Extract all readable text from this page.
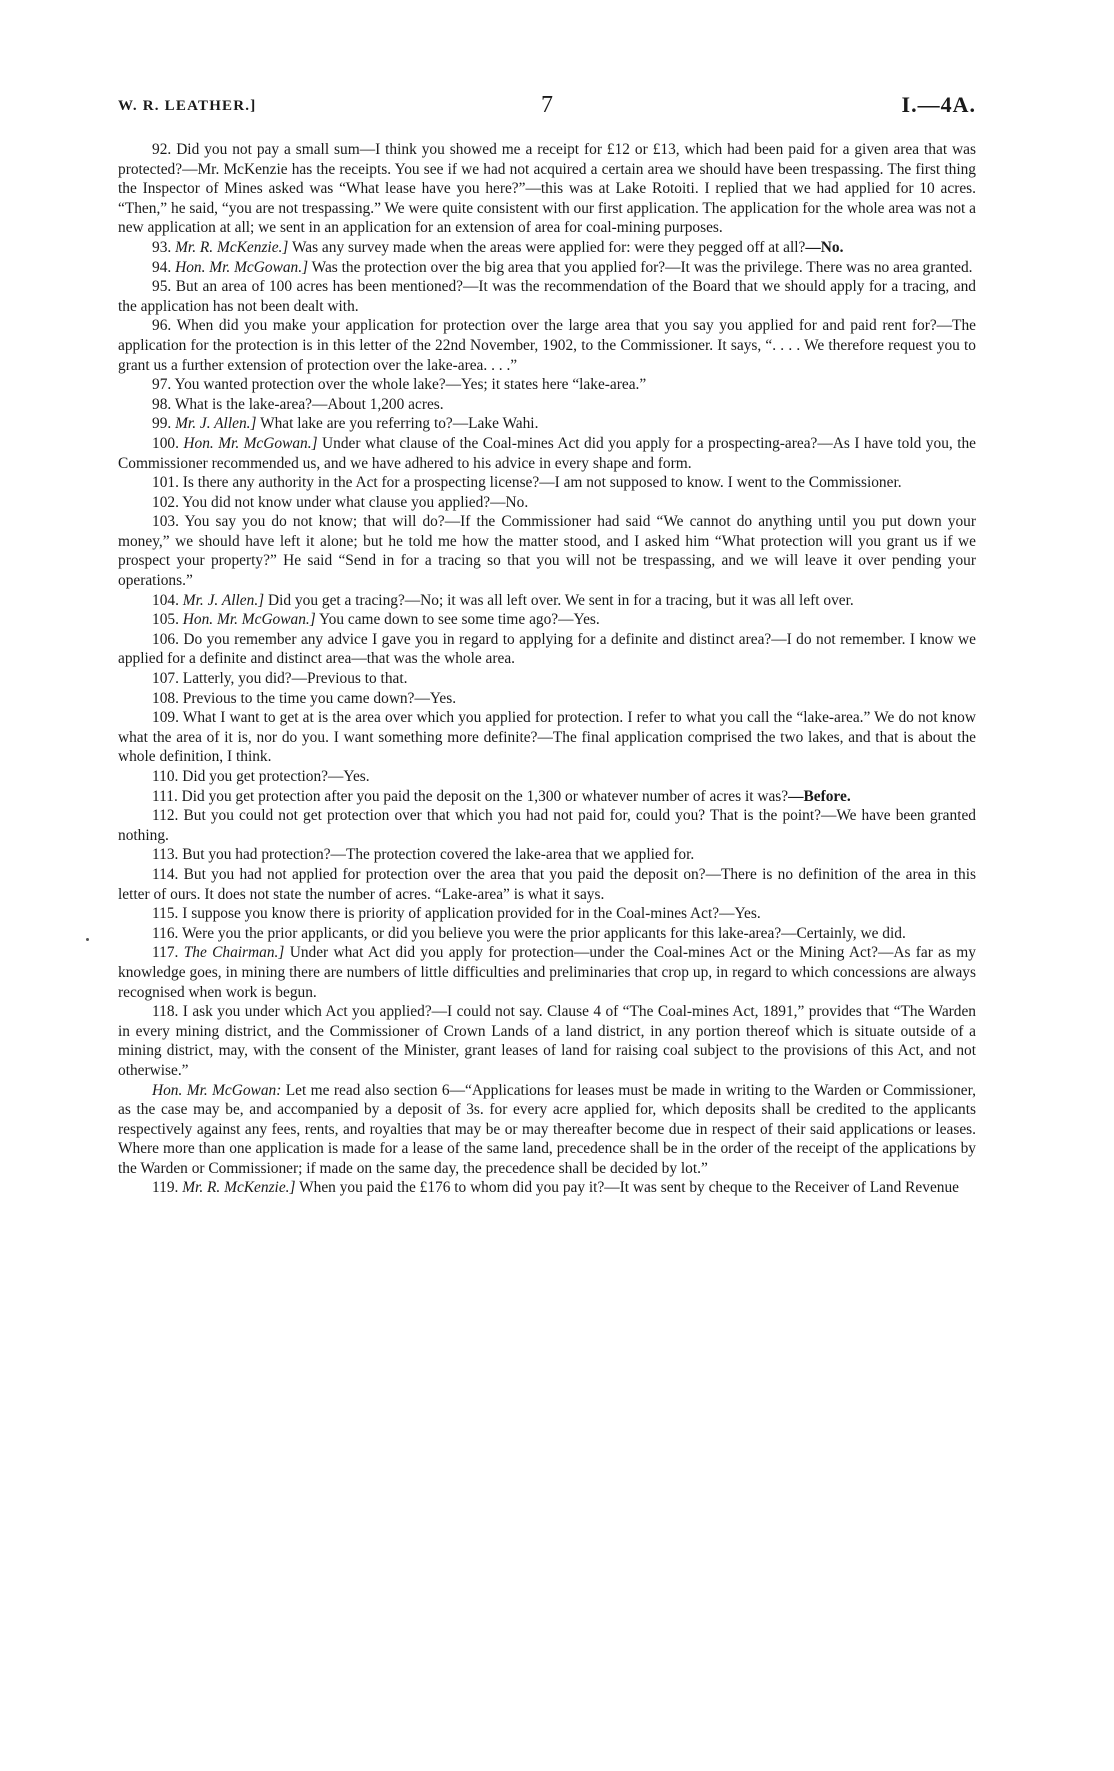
W. R. LEATHER.]	7	I.—4A.

92. Did you not pay a small sum—I think you showed me a receipt for £12 or £13, which had been paid for a given area that was protected?—Mr. McKenzie has the receipts. You see if we had not acquired a certain area we should have been trespassing. The first thing the Inspector of Mines asked was “What lease have you here?”—this was at Lake Rotoiti. I replied that we had applied for 10 acres. “Then,” he said, “you are not trespassing.” We were quite consistent with our first application. The application for the whole area was not a new application at all; we sent in an application for an extension of area for coal-mining purposes.

93. Mr. R. McKenzie.] Was any survey made when the areas were applied for: were they pegged off at all?—No.

94. Hon. Mr. McGowan.] Was the protection over the big area that you applied for?—It was the privilege. There was no area granted.

95. But an area of 100 acres has been mentioned?—It was the recommendation of the Board that we should apply for a tracing, and the application has not been dealt with.

96. When did you make your application for protection over the large area that you say you applied for and paid rent for?—The application for the protection is in this letter of the 22nd November, 1902, to the Commissioner. It says, “. . . . We therefore request you to grant us a further extension of protection over the lake-area. . . .”

97. You wanted protection over the whole lake?—Yes; it states here “lake-area.”

98. What is the lake-area?—About 1,200 acres.

99. Mr. J. Allen.] What lake are you referring to?—Lake Wahi.

100. Hon. Mr. McGowan.] Under what clause of the Coal-mines Act did you apply for a prospecting-area?—As I have told you, the Commissioner recommended us, and we have adhered to his advice in every shape and form.

101. Is there any authority in the Act for a prospecting license?—I am not supposed to know. I went to the Commissioner.

102. You did not know under what clause you applied?—No.

103. You say you do not know; that will do?—If the Commissioner had said “We cannot do anything until you put down your money,” we should have left it alone; but he told me how the matter stood, and I asked him “What protection will you grant us if we prospect your property?” He said “Send in for a tracing so that you will not be trespassing, and we will leave it over pending your operations.”

104. Mr. J. Allen.] Did you get a tracing?—No; it was all left over. We sent in for a tracing, but it was all left over.

105. Hon. Mr. McGowan.] You came down to see some time ago?—Yes.

106. Do you remember any advice I gave you in regard to applying for a definite and distinct area?—I do not remember. I know we applied for a definite and distinct area—that was the whole area.

107. Latterly, you did?—Previous to that.

108. Previous to the time you came down?—Yes.

109. What I want to get at is the area over which you applied for protection. I refer to what you call the “lake-area.” We do not know what the area of it is, nor do you. I want something more definite?—The final application comprised the two lakes, and that is about the whole definition, I think.

110. Did you get protection?—Yes.

111. Did you get protection after you paid the deposit on the 1,300 or whatever number of acres it was?—Before.

112. But you could not get protection over that which you had not paid for, could you? That is the point?—We have been granted nothing.

113. But you had protection?—The protection covered the lake-area that we applied for.

114. But you had not applied for protection over the area that you paid the deposit on?—There is no definition of the area in this letter of ours. It does not state the number of acres. “Lake-area” is what it says.

115. I suppose you know there is priority of application provided for in the Coal-mines Act?—Yes.

116. Were you the prior applicants, or did you believe you were the prior applicants for this lake-area?—Certainly, we did.

117. The Chairman.] Under what Act did you apply for protection—under the Coal-mines Act or the Mining Act?—As far as my knowledge goes, in mining there are numbers of little difficulties and preliminaries that crop up, in regard to which concessions are always recognised when work is begun.

118. I ask you under which Act you applied?—I could not say. Clause 4 of “The Coal-mines Act, 1891,” provides that “The Warden in every mining district, and the Commissioner of Crown Lands of a land district, in any portion thereof which is situate outside of a mining district, may, with the consent of the Minister, grant leases of land for raising coal subject to the provisions of this Act, and not otherwise.”

Hon. Mr. McGowan: Let me read also section 6—“Applications for leases must be made in writing to the Warden or Commissioner, as the case may be, and accompanied by a deposit of 3s. for every acre applied for, which deposits shall be credited to the applicants respectively against any fees, rents, and royalties that may be or may thereafter become due in respect of their said applications or leases. Where more than one application is made for a lease of the same land, precedence shall be in the order of the receipt of the applications by the Warden or Commissioner; if made on the same day, the precedence shall be decided by lot.”

119. Mr. R. McKenzie.] When you paid the £176 to whom did you pay it?—It was sent by cheque to the Receiver of Land Revenue
